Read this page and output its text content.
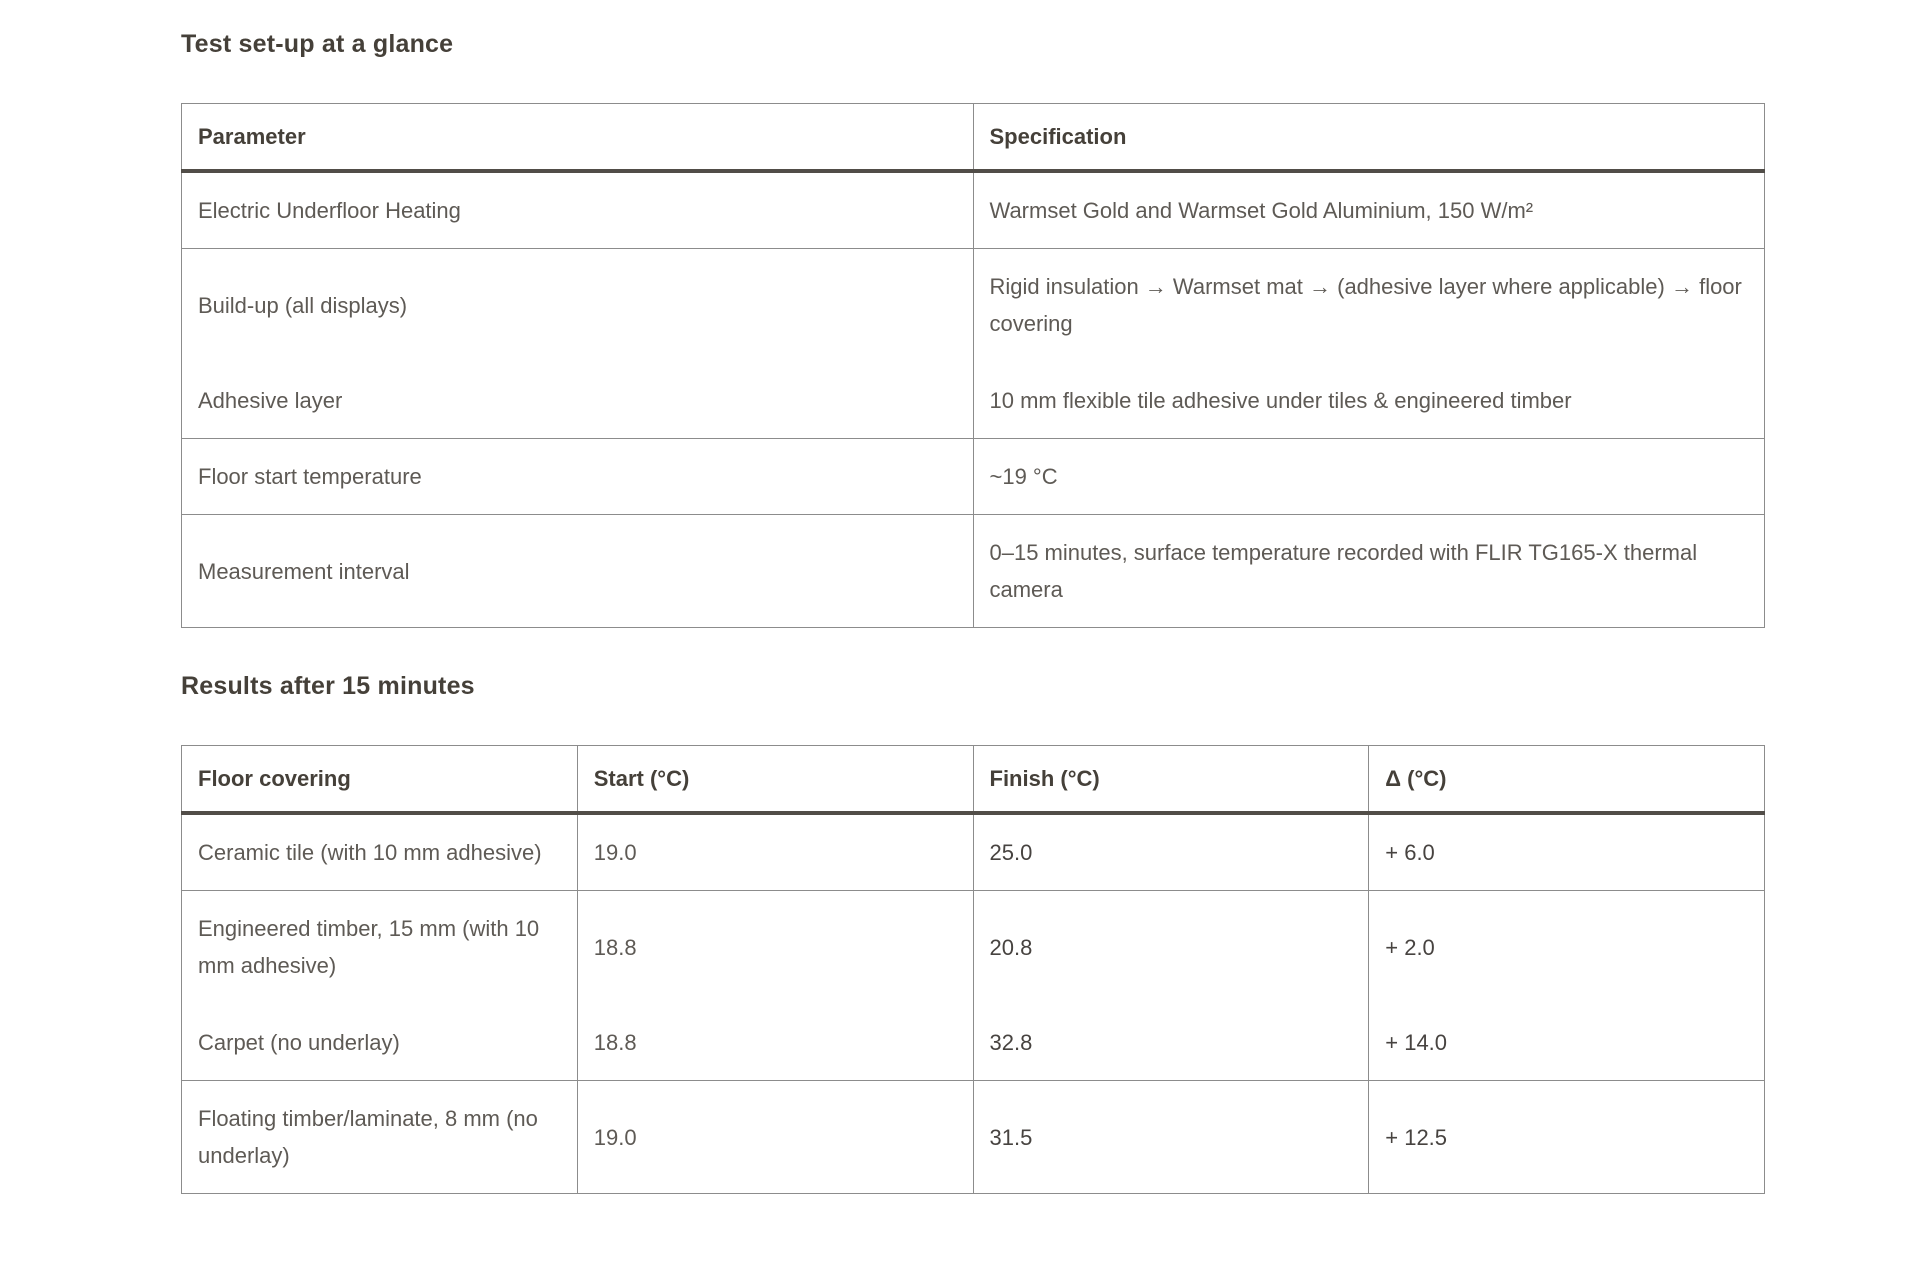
Test set-up at a glance
Parameter	Specification
Electric Underfloor Heating	Warmset Gold and Warmset Gold Aluminium, 150 W/m²
Build-up (all displays)	Rigid insulation → Warmset mat → (adhesive layer where applicable) → floor covering
Adhesive layer	10 mm flexible tile adhesive under tiles & engineered timber
Floor start temperature	~19 °C
Measurement interval	0–15 minutes, surface temperature recorded with FLIR TG165-X thermal camera
Results after 15 minutes
Floor covering	Start (°C)	Finish (°C)	Δ (°C)
Ceramic tile (with 10 mm adhesive)	19.0	25.0	+ 6.0
Engineered timber, 15 mm (with 10 mm adhesive)	18.8	20.8	+ 2.0
Carpet (no underlay)	18.8	32.8	+ 14.0
Floating timber/laminate, 8 mm (no underlay)	19.0	31.5	+ 12.5
